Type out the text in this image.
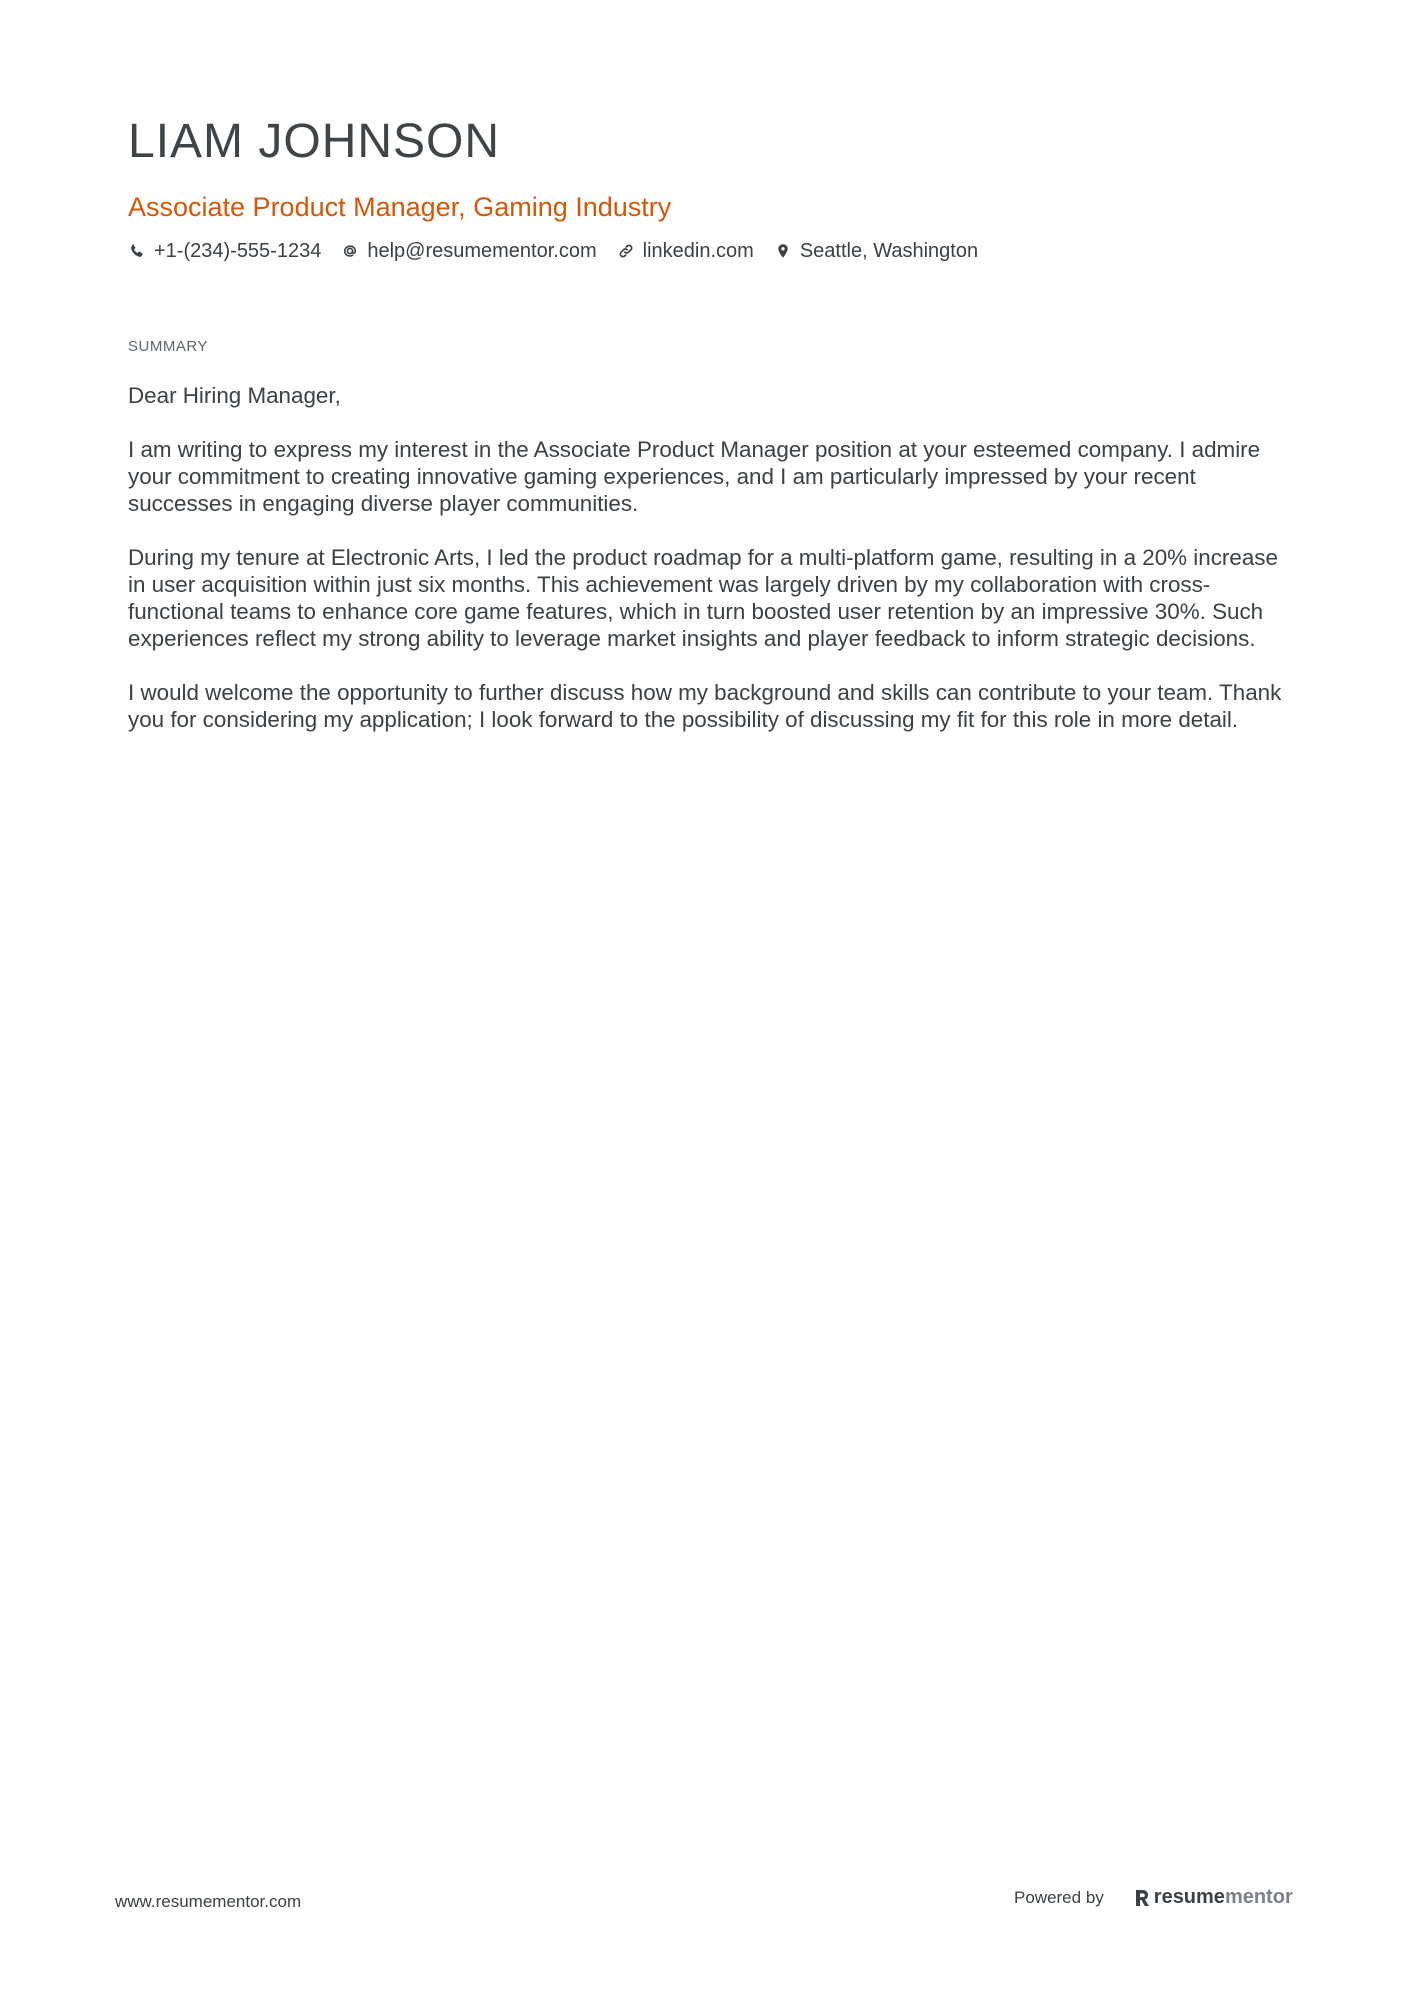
LIAM JOHNSON
Associate Product Manager, Gaming Industry
+1-(234)-555-1234 help@resumementor.com linkedin.com Seattle, Washington
SUMMARY

Dear Hiring Manager,

I am writing to express my interest in the Associate Product Manager position at your esteemed company. I admire your commitment to creating innovative gaming experiences, and I am particularly impressed by your recent successes in engaging diverse player communities.

During my tenure at Electronic Arts, I led the product roadmap for a multi-platform game, resulting in a 20% increase in user acquisition within just six months. This achievement was largely driven by my collaboration with cross-functional teams to enhance core game features, which in turn boosted user retention by an impressive 30%. Such experiences reflect my strong ability to leverage market insights and player feedback to inform strategic decisions.

I would welcome the opportunity to further discuss how my background and skills can contribute to your team. Thank you for considering my application; I look forward to the possibility of discussing my fit for this role in more detail.

www.resumementor.com	Powered by	resume mentor
